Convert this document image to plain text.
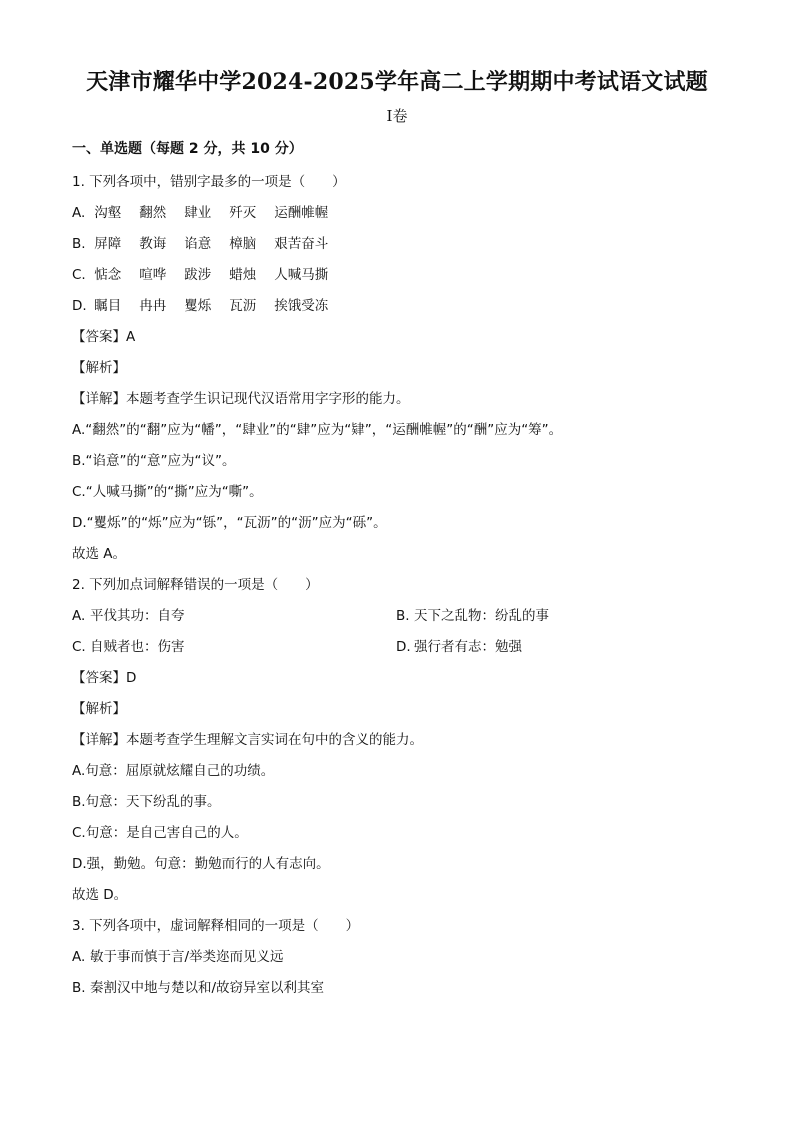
天津市耀华中学2024-2025学年高二上学期期中考试语文试题
I卷
一、单选题（每题 2 分，共 10 分）
1. 下列各项中，错别字最多的一项是（　　）
A. 沟壑 翻然 肆业 歼灭 运酬帷幄
B. 屏障 教诲 谄意 樟脑 艰苦奋斗
C. 惦念 喧哗 跋涉 蜡烛 人喊马撕
D. 瞩目 冉冉 矍烁 瓦沥 挨饿受冻
【答案】A
【解析】
【详解】本题考查学生识记现代汉语常用字字形的能力。
A.“翻然”的“翻”应为“幡”，“肆业”的“肆”应为“肄”，“运酬帷幄”的“酬”应为“筹”。
B.“谄意”的“意”应为“议”。
C.“人喊马撕”的“撕”应为“嘶”。
D.“矍烁”的“烁”应为“铄”，“瓦沥”的“沥”应为“砾”。
故选 A。
2. 下列加点词解释错误的一项是（　　）
A. 平伐其功：自夸	B. 天下之乱物：纷乱的事
C. 自贼者也：伤害	D. 强行者有志：勉强
【答案】D
【解析】
【详解】本题考查学生理解文言实词在句中的含义的能力。
A.句意：屈原就炫耀自己的功绩。
B.句意：天下纷乱的事。
C.句意：是自己害自己的人。
D.强，勤勉。句意：勤勉而行的人有志向。
故选 D。
3. 下列各项中，虚词解释相同的一项是（　　）
A. 敏于事而慎于言/举类迩而见义远
B. 秦割汉中地与楚以和/故窃异室以利其室
